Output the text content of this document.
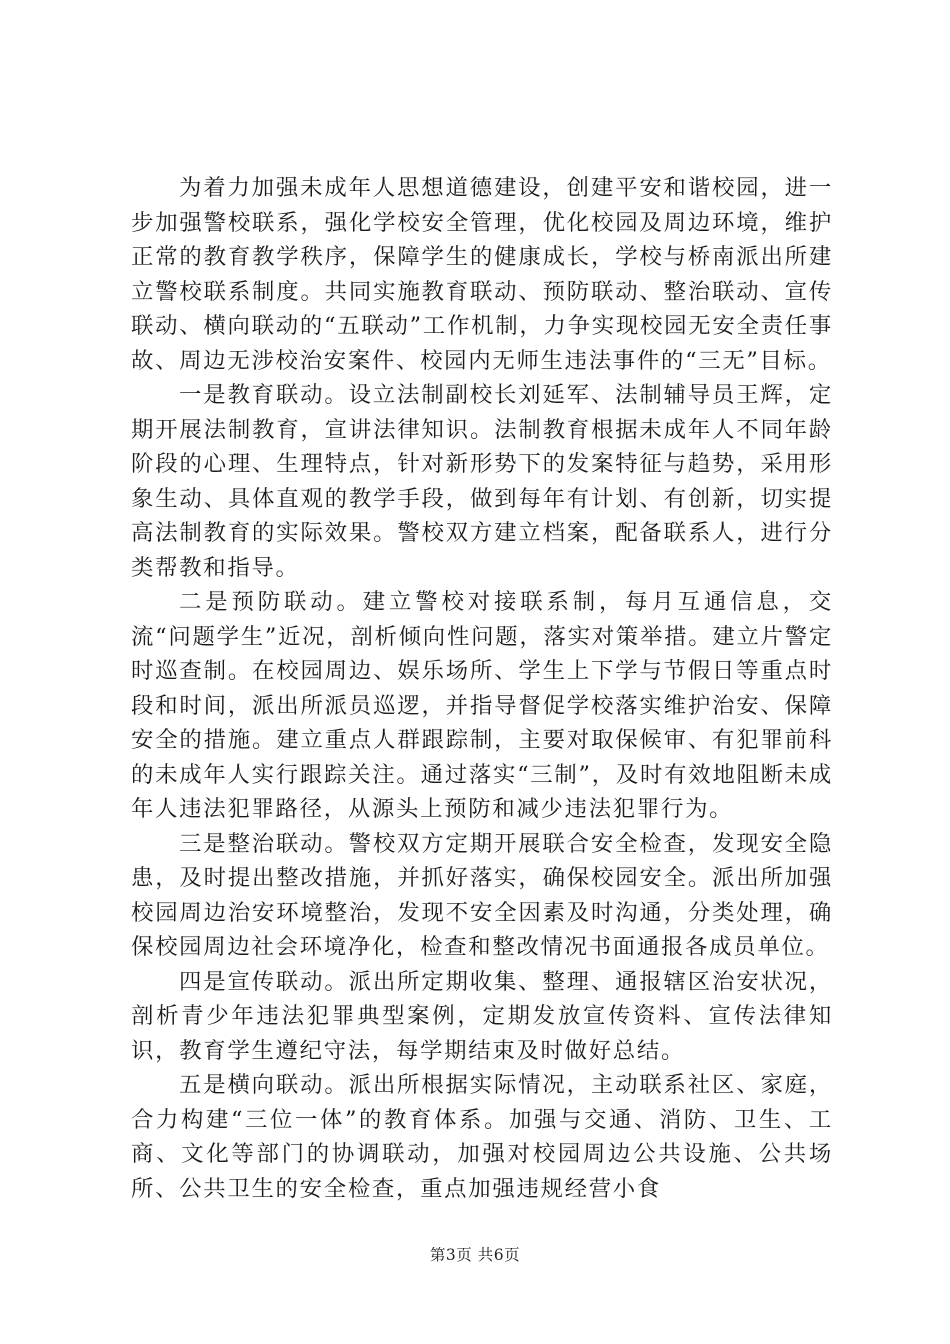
为着力加强未成年人思想道德建设，创建平安和谐校园，进一步加强警校联系，强化学校安全管理，优化校园及周边环境，维护正常的教育教学秩序，保障学生的健康成长，学校与桥南派出所建立警校联系制度。共同实施教育联动、预防联动、整治联动、宣传联动、横向联动的“五联动”工作机制，力争实现校园无安全责任事故、周边无涉校治安案件、校园内无师生违法事件的“三无”目标。

一是教育联动。设立法制副校长刘延军、法制辅导员王辉，定期开展法制教育，宣讲法律知识。法制教育根据未成年人不同年龄阶段的心理、生理特点，针对新形势下的发案特征与趋势，采用形象生动、具体直观的教学手段，做到每年有计划、有创新，切实提高法制教育的实际效果。警校双方建立档案，配备联系人，进行分类帮教和指导。

二是预防联动。建立警校对接联系制，每月互通信息，交流“问题学生”近况，剖析倾向性问题，落实对策举措。建立片警定时巡查制。在校园周边、娱乐场所、学生上下学与节假日等重点时段和时间，派出所派员巡逻，并指导督促学校落实维护治安、保障安全的措施。建立重点人群跟踪制，主要对取保候审、有犯罪前科的未成年人实行跟踪关注。通过落实“三制”，及时有效地阻断未成年人违法犯罪路径，从源头上预防和减少违法犯罪行为。

三是整治联动。警校双方定期开展联合安全检查，发现安全隐患，及时提出整改措施，并抓好落实，确保校园安全。派出所加强校园周边治安环境整治，发现不安全因素及时沟通，分类处理，确保校园周边社会环境净化，检查和整改情况书面通报各成员单位。

四是宣传联动。派出所定期收集、整理、通报辖区治安状况，剖析青少年违法犯罪典型案例，定期发放宣传资料、宣传法律知识，教育学生遵纪守法，每学期结束及时做好总结。

五是横向联动。派出所根据实际情况，主动联系社区、家庭，合力构建“三位一体”的教育体系。加强与交通、消防、卫生、工商、文化等部门的协调联动，加强对校园周边公共设施、公共场所、公共卫生的安全检查，重点加强违规经营小食

第3页 共6页
